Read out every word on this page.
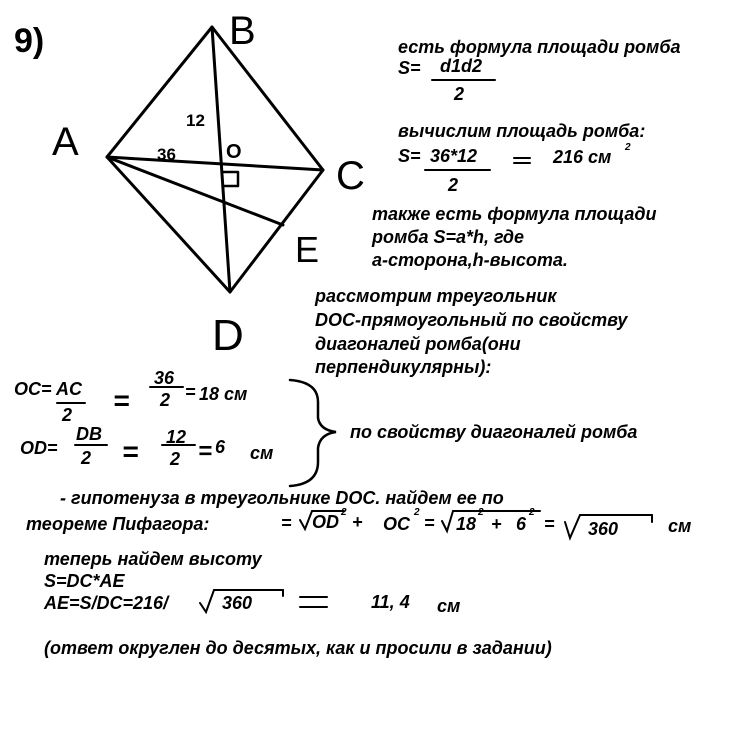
9)	B
A
C
D
E
O
12
36
есть формула площади ромба
S= d1d2
2
вычислим площадь ромба:
S= 36*12
2
216 см 2
также есть формула площади
ромба S=a*h, где
a-сторона,h-высота.
рассмотрим треугольник
DOC-прямоугольный по свойству
диагоналей ромба(они
перпендикулярны):
OC= AC
2 =
36
2 = 18 см
OD=
DB
2 = 12
2 = 6 см
по свойству диагоналей ромба
- гипотенуза в треугольнике DOC. найдем ее по
теореме Пифагора:	= OD 2 + OC
2
= 18
2
+ 6
2
= 360	см
теперь найдем высоту
S=DC*AE
AE=S/DC=216/	360	11, 4 см
(ответ округлен до десятых, как и просили в задании)
